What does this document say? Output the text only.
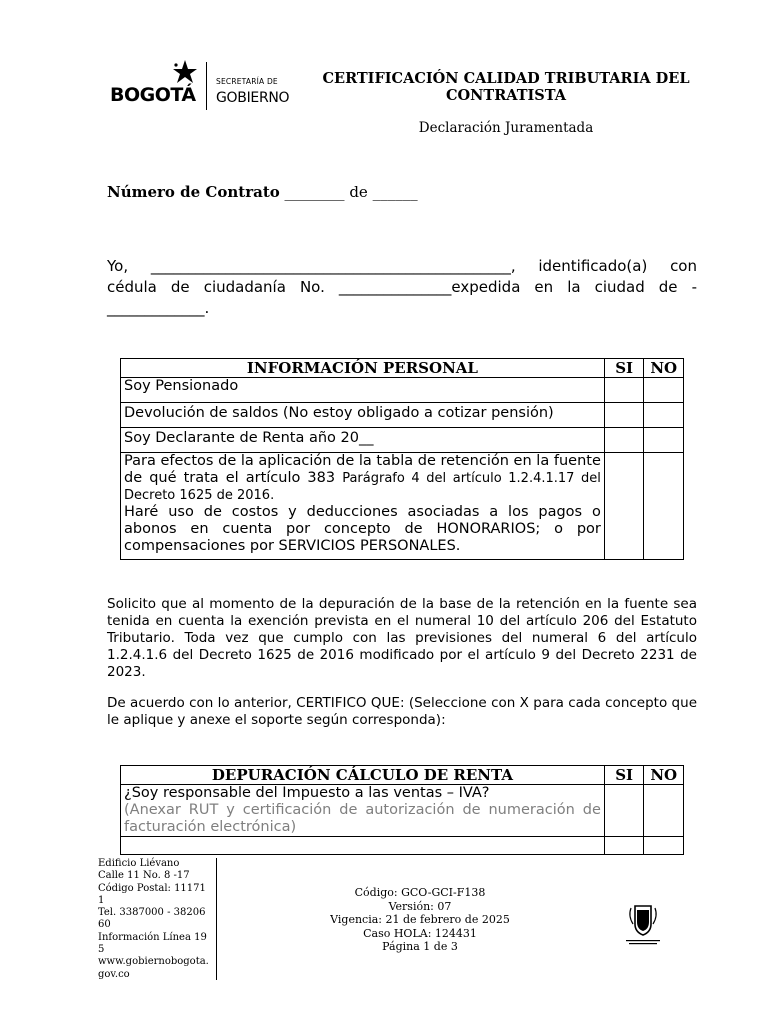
BOGOTÁ
SECRETARÍA DE
GOBIERNO
CERTIFICACIÓN CALIDAD TRIBUTARIA DEL CONTRATISTA
Declaración Juramentada
Número de Contrato ________ de ______
Yo, ________________________________________________, identificado(a) con cédula de ciudadanía No. _______________expedida en la ciudad de -_____________.
INFORMACIÓN PERSONAL	SI	NO
Soy Pensionado		
Devolución de saldos (No estoy obligado a cotizar pensión)		
Soy Declarante de Renta año 20__		
Para efectos de la aplicación de la tabla de retención en la fuente de qué trata el artículo 383 Parágrafo 4 del artículo 1.2.4.1.17 del Decreto 1625 de 2016.
Haré uso de costos y deducciones asociadas a los pagos o abonos en cuenta por concepto de HONORARIOS; o por compensaciones por SERVICIOS PERSONALES.		
Solicito que al momento de la depuración de la base de la retención en la fuente sea tenida en cuenta la exención prevista en el numeral 10 del artículo 206 del Estatuto Tributario. Toda vez que cumplo con las previsiones del numeral 6 del artículo 1.2.4.1.6 del Decreto 1625 de 2016 modificado por el artículo 9 del Decreto 2231 de 2023.
De acuerdo con lo anterior, CERTIFICO QUE: (Seleccione con X para cada concepto que le aplique y anexe el soporte según corresponda):
DEPURACIÓN CÁLCULO DE RENTA	SI	NO
¿Soy responsable del Impuesto a las ventas – IVA?
(Anexar RUT y certificación de autorización de numeración de facturación electrónica)		

Edificio Liévano
Calle 11 No. 8 -17
Código Postal: 111711
Tel. 3387000 - 3820660
Información Línea 195
www.gobiernobogota.gov.co
Código: GCO-GCI-F138
Versión: 07
Vigencia: 21 de febrero de 2025
Caso HOLA: 124431
Página 1 de 3
